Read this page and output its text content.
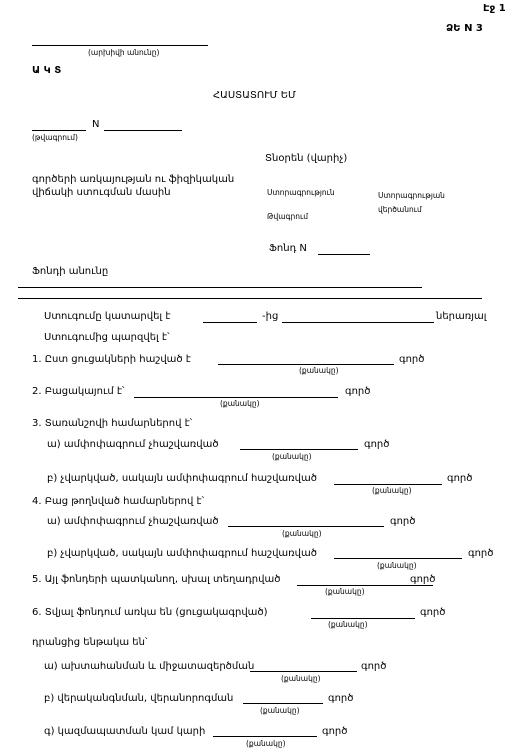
Էջ 1
ՁԵ N 3
(արխիվի անունը)
Ա Կ Տ
ՀԱՍՏԱՏՈՒՄ ԵՄ
N
(թվագրում)
Տնօրեն (վարիչ)
գործերի առկայության ու ֆիզիկական
վիճակի ստուգման մասին	Ստորագրություն	Ստորագրության վերծանում
Թվագրում
Ֆոնդ N
Ֆոնդի անունը
Ստուգումը կատարվել է	-ից	ներառյալ
Ստուգումից պարզվել է՝
1. Ըստ ցուցակների հաշված է	գործ
(քանակը)
2. Բացակայում է՝	գործ
(քանակը)
3. Տառանշովի համարներով է՝
ա) ամփոփագրում չհաշվառված	գործ
(քանակը)
բ) չվարկված, սակայն ամփոփագրում հաշվառված	գործ
(քանակը)
4. Բաց թողնված համարներով է՝
ա) ամփոփագրում չհաշվառված	գործ
(քանակը)
բ) չվարկված, սակայն ամփոփագրում հաշվառված	գործ
(քանակը)
5. Այլ ֆոնդերի պատկանող, սխալ տեղադրված	գործ
(քանակը)
6. Տվյալ ֆոնդում առկա են (ցուցակագրված)	գործ
(քանակը)
դրանցից ենթակա են՝
ա) ախտահանման և միջատազերծման	գործ
(քանակը)
բ) վերականգնման, վերանորոգման	գործ
(քանակը)
գ) կազմապատման կամ կարի	գործ
(քանակը)
